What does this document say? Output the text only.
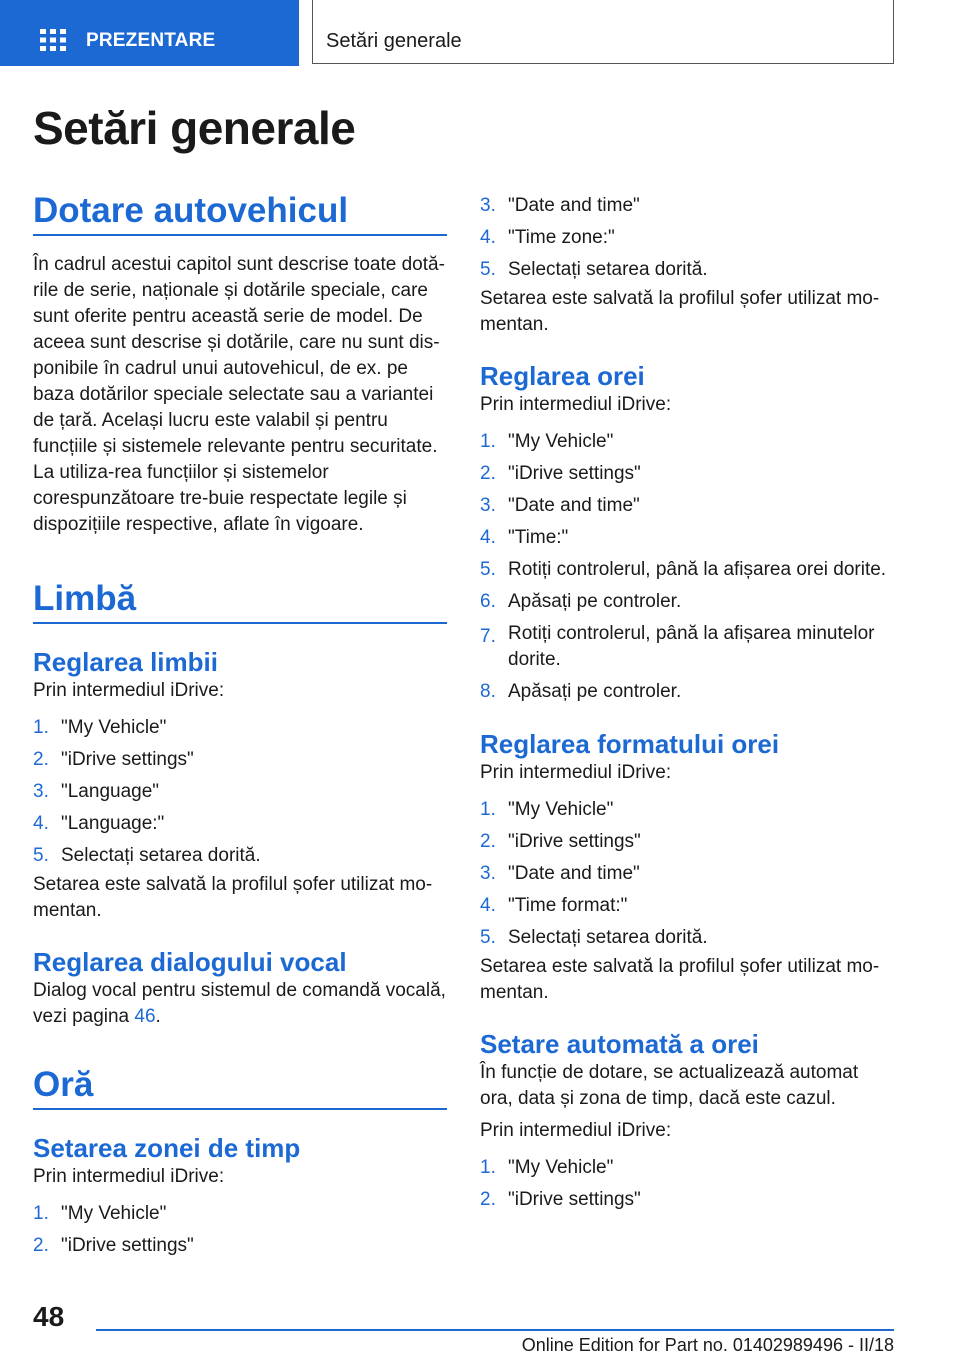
PREZENTARE	Setări generale
Setări generale
Dotare autovehicul

În cadrul acestui capitol sunt descrise toate dotă-rile de serie, naționale și dotările speciale, care sunt oferite pentru această serie de model. De aceea sunt descrise și dotările, care nu sunt dis-ponibile în cadrul unui autovehicul, de ex. pe baza dotărilor speciale selectate sau a variantei de țară. Același lucru este valabil și pentru funcțiile și sistemele relevante pentru securitate. La utiliza-rea funcțiilor și sistemelor corespunzătoare tre-buie respectate legile și dispozițiile respective, aflate în vigoare.

Limbă
Reglarea limbii

Prin intermediul iDrive:

1. "My Vehicle"
2. "iDrive settings"
3. "Language"
4. "Language:"
5. Selectați setarea dorită.

Setarea este salvată la profilul șofer utilizat mo-mentan.

Reglarea dialogului vocal

Dialog vocal pentru sistemul de comandă vocală, vezi pagina 46.

Oră
Setarea zonei de timp

Prin intermediul iDrive:

1. "My Vehicle"
2. "iDrive settings"
3. "Date and time"
4. "Time zone:"
5. Selectați setarea dorită.

Setarea este salvată la profilul șofer utilizat mo-mentan.

Reglarea orei

Prin intermediul iDrive:

1. "My Vehicle"
2. "iDrive settings"
3. "Date and time"
4. "Time:"
5. Rotiți controlerul, până la afișarea orei dorite.
6. Apăsați pe controler.
7. Rotiți controlerul, până la afișarea minutelor dorite.
8. Apăsați pe controler.
Reglarea formatului orei

Prin intermediul iDrive:

1. "My Vehicle"
2. "iDrive settings"
3. "Date and time"
4. "Time format:"
5. Selectați setarea dorită.

Setarea este salvată la profilul șofer utilizat mo-mentan.

Setare automată a orei

În funcție de dotare, se actualizează automat ora, data și zona de timp, dacă este cazul.

Prin intermediul iDrive:

1. "My Vehicle"
2. "iDrive settings"
48
Online Edition for Part no. 01402989496 - II/18
